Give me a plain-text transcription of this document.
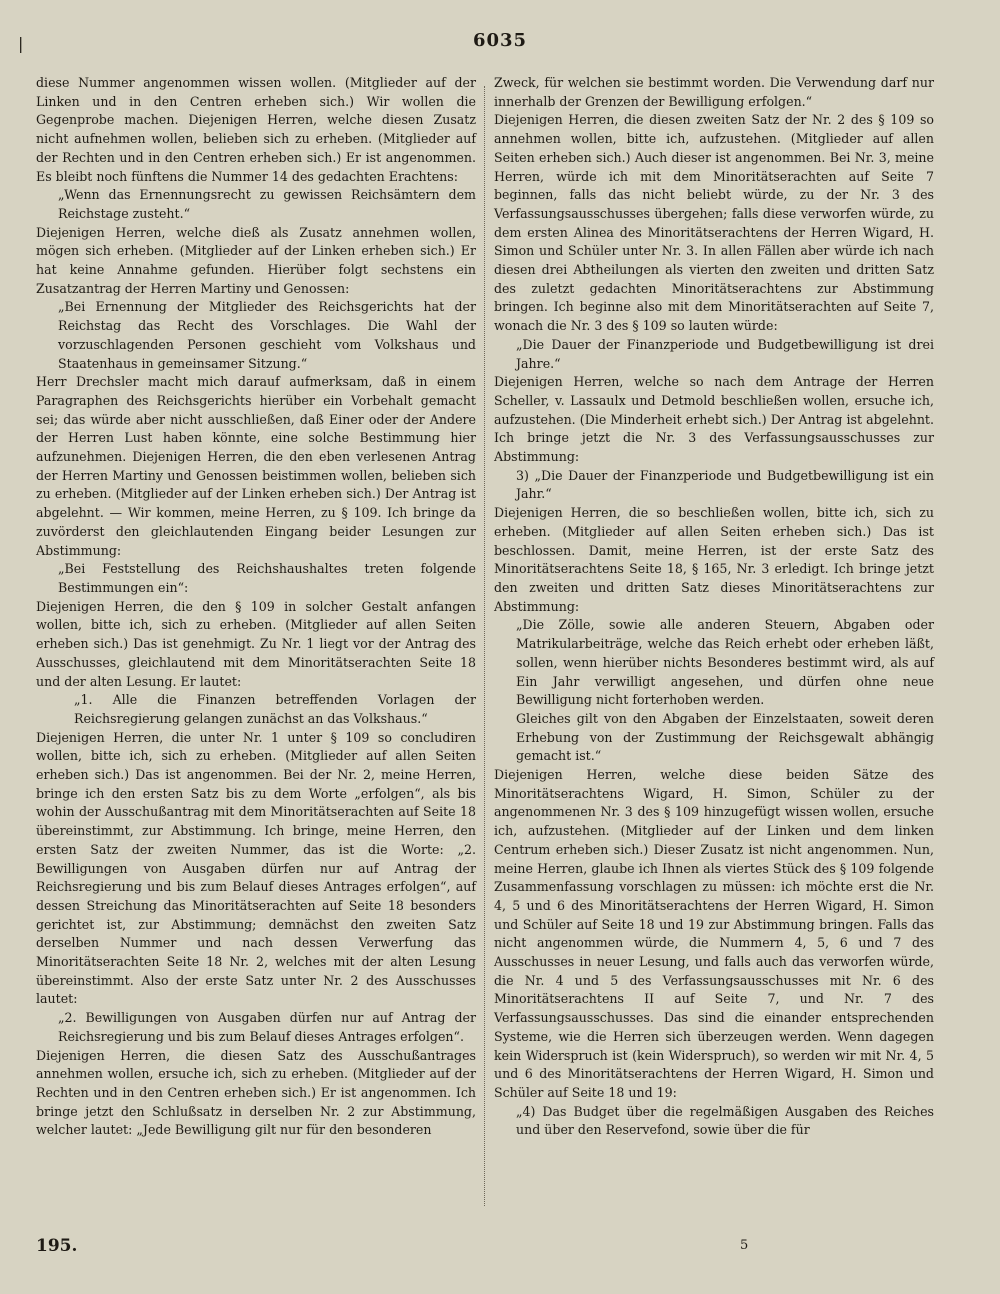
|	6035

diese Nummer angenommen wissen wollen. (Mitglieder auf der Linken und in den Centren erheben sich.) Wir wollen die Gegenprobe machen. Diejenigen Herren, welche diesen Zusatz nicht aufnehmen wollen, belieben sich zu erheben. (Mitglieder auf der Rechten und in den Centren erheben sich.) Er ist angenommen. Es bleibt noch fünftens die Nummer 14 des gedachten Erachtens:

„Wenn das Ernennungsrecht zu gewissen Reichsämtern dem Reichstage zusteht.“

Diejenigen Herren, welche dieß als Zusatz annehmen wollen, mögen sich erheben. (Mitglieder auf der Linken erheben sich.) Er hat keine Annahme gefunden. Hierüber folgt sechstens ein Zusatzantrag der Herren Martiny und Genossen:

„Bei Ernennung der Mitglieder des Reichsgerichts hat der Reichstag das Recht des Vorschlages. Die Wahl der vorzuschlagenden Personen geschieht vom Volkshaus und Staatenhaus in gemeinsamer Sitzung.“

Herr Drechsler macht mich darauf aufmerksam, daß in einem Paragraphen des Reichsgerichts hierüber ein Vorbehalt gemacht sei; das würde aber nicht ausschließen, daß Einer oder der Andere der Herren Lust haben könnte, eine solche Bestimmung hier aufzunehmen. Diejenigen Herren, die den eben verlesenen Antrag der Herren Martiny und Genossen beistimmen wollen, belieben sich zu erheben. (Mitglieder auf der Linken erheben sich.) Der Antrag ist abgelehnt. — Wir kommen, meine Herren, zu § 109. Ich bringe da zuvörderst den gleichlautenden Eingang beider Lesungen zur Abstimmung:

„Bei Feststellung des Reichshaushaltes treten folgende Bestimmungen ein“:

Diejenigen Herren, die den § 109 in solcher Gestalt anfangen wollen, bitte ich, sich zu erheben. (Mitglieder auf allen Seiten erheben sich.) Das ist genehmigt. Zu Nr. 1 liegt vor der Antrag des Ausschusses, gleichlautend mit dem Minoritätserachten Seite 18 und der alten Lesung. Er lautet:

„1. Alle die Finanzen betreffenden Vorlagen der Reichsregierung gelangen zunächst an das Volkshaus.“

Diejenigen Herren, die unter Nr. 1 unter § 109 so concludiren wollen, bitte ich, sich zu erheben. (Mitglieder auf allen Seiten erheben sich.) Das ist angenommen. Bei der Nr. 2, meine Herren, bringe ich den ersten Satz bis zu dem Worte „erfolgen“, als bis wohin der Ausschußantrag mit dem Minoritätserachten auf Seite 18 übereinstimmt, zur Abstimmung. Ich bringe, meine Herren, den ersten Satz der zweiten Nummer, das ist die Worte: „2. Bewilligungen von Ausgaben dürfen nur auf Antrag der Reichsregierung und bis zum Belauf dieses Antrages erfolgen“, auf dessen Streichung das Minoritätserachten auf Seite 18 besonders gerichtet ist, zur Abstimmung; demnächst den zweiten Satz derselben Nummer und nach dessen Verwerfung das Minoritätserachten Seite 18 Nr. 2, welches mit der alten Lesung übereinstimmt. Also der erste Satz unter Nr. 2 des Ausschusses lautet:

„2. Bewilligungen von Ausgaben dürfen nur auf Antrag der Reichsregierung und bis zum Belauf dieses Antrages erfolgen“.

Diejenigen Herren, die diesen Satz des Ausschußantrages annehmen wollen, ersuche ich, sich zu erheben. (Mitglieder auf der Rechten und in den Centren erheben sich.) Er ist angenommen. Ich bringe jetzt den Schlußsatz in derselben Nr. 2 zur Abstimmung, welcher lautet: „Jede Bewilligung gilt nur für den besonderen

Zweck, für welchen sie bestimmt worden. Die Verwendung darf nur innerhalb der Grenzen der Bewilligung erfolgen.“

Diejenigen Herren, die diesen zweiten Satz der Nr. 2 des § 109 so annehmen wollen, bitte ich, aufzustehen. (Mitglieder auf allen Seiten erheben sich.) Auch dieser ist angenommen. Bei Nr. 3, meine Herren, würde ich mit dem Minoritätserachten auf Seite 7 beginnen, falls das nicht beliebt würde, zu der Nr. 3 des Verfassungsausschusses übergehen; falls diese verworfen würde, zu dem ersten Alinea des Minoritätserachtens der Herren Wigard, H. Simon und Schüler unter Nr. 3. In allen Fällen aber würde ich nach diesen drei Abtheilungen als vierten den zweiten und dritten Satz des zuletzt gedachten Minoritätserachtens zur Abstimmung bringen. Ich beginne also mit dem Minoritätserachten auf Seite 7, wonach die Nr. 3 des § 109 so lauten würde:

„Die Dauer der Finanzperiode und Budgetbewilligung ist drei Jahre.“

Diejenigen Herren, welche so nach dem Antrage der Herren Scheller, v. Lassaulx und Detmold beschließen wollen, ersuche ich, aufzustehen. (Die Minderheit erhebt sich.) Der Antrag ist abgelehnt. Ich bringe jetzt die Nr. 3 des Verfassungsausschusses zur Abstimmung:

3) „Die Dauer der Finanzperiode und Budgetbewilligung ist ein Jahr.“

Diejenigen Herren, die so beschließen wollen, bitte ich, sich zu erheben. (Mitglieder auf allen Seiten erheben sich.) Das ist beschlossen. Damit, meine Herren, ist der erste Satz des Minoritätserachtens Seite 18, § 165, Nr. 3 erledigt. Ich bringe jetzt den zweiten und dritten Satz dieses Minoritätserachtens zur Abstimmung:

„Die Zölle, sowie alle anderen Steuern, Abgaben oder Matrikularbeiträge, welche das Reich erhebt oder erheben läßt, sollen, wenn hierüber nichts Besonderes bestimmt wird, als auf Ein Jahr verwilligt angesehen, und dürfen ohne neue Bewilligung nicht forterhoben werden.

Gleiches gilt von den Abgaben der Einzelstaaten, soweit deren Erhebung von der Zustimmung der Reichsgewalt abhängig gemacht ist.“

Diejenigen Herren, welche diese beiden Sätze des Minoritätserachtens Wigard, H. Simon, Schüler zu der angenommenen Nr. 3 des § 109 hinzugefügt wissen wollen, ersuche ich, aufzustehen. (Mitglieder auf der Linken und dem linken Centrum erheben sich.) Dieser Zusatz ist nicht angenommen. Nun, meine Herren, glaube ich Ihnen als viertes Stück des § 109 folgende Zusammenfassung vorschlagen zu müssen: ich möchte erst die Nr. 4, 5 und 6 des Minoritätserachtens der Herren Wigard, H. Simon und Schüler auf Seite 18 und 19 zur Abstimmung bringen. Falls das nicht angenommen würde, die Nummern 4, 5, 6 und 7 des Ausschusses in neuer Lesung, und falls auch das verworfen würde, die Nr. 4 und 5 des Verfassungsausschusses mit Nr. 6 des Minoritätserachtens II auf Seite 7, und Nr. 7 des Verfassungsausschusses. Das sind die einander entsprechenden Systeme, wie die Herren sich überzeugen werden. Wenn dagegen kein Widerspruch ist (kein Widerspruch), so werden wir mit Nr. 4, 5 und 6 des Minoritätserachtens der Herren Wigard, H. Simon und Schüler auf Seite 18 und 19:

„4) Das Budget über die regelmäßigen Ausgaben des Reiches und über den Reservefond, sowie über die für

195.	5
